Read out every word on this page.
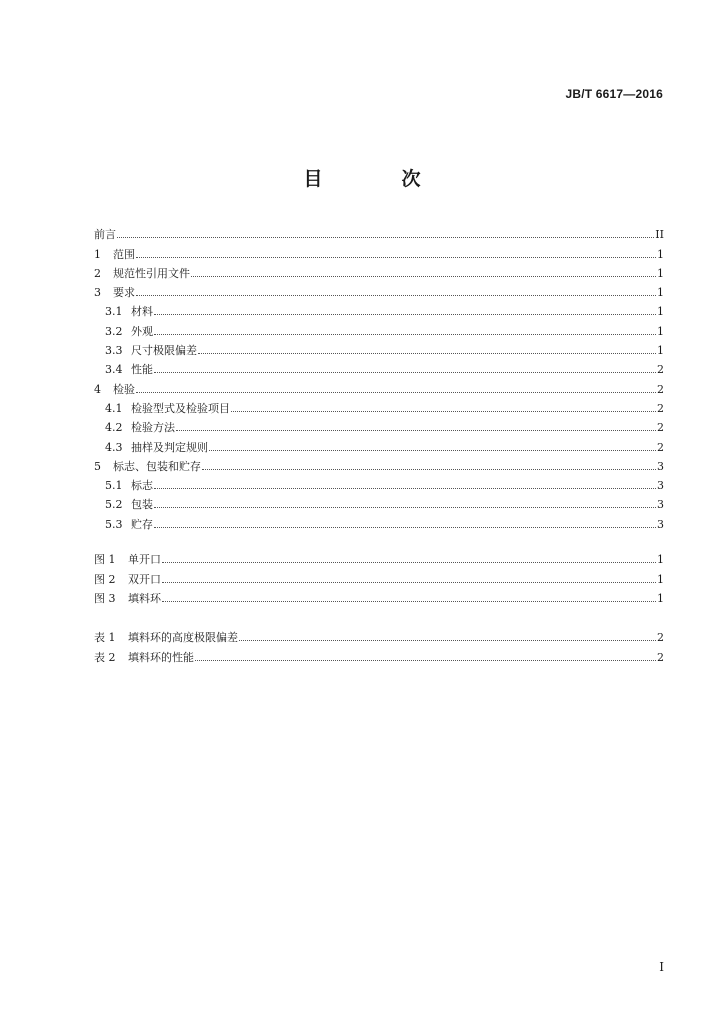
JB/T 6617—2016
目　次
前言	II
1	范围	1
2	规范性引用文件	1
3	要求	1
3.1 材料	1
3.2 外观	1
3.3 尺寸极限偏差	1
3.4 性能	2
4	检验	2
4.1 检验型式及检验项目	2
4.2 检验方法	2
4.3 抽样及判定规则	2
5	标志、包装和贮存	3
5.1 标志	3
5.2 包装	3
5.3 贮存	3
图 1	单开口	1
图 2	双开口	1
图 3	填料环	1
表 1	填料环的高度极限偏差	2
表 2	填料环的性能	2
I
